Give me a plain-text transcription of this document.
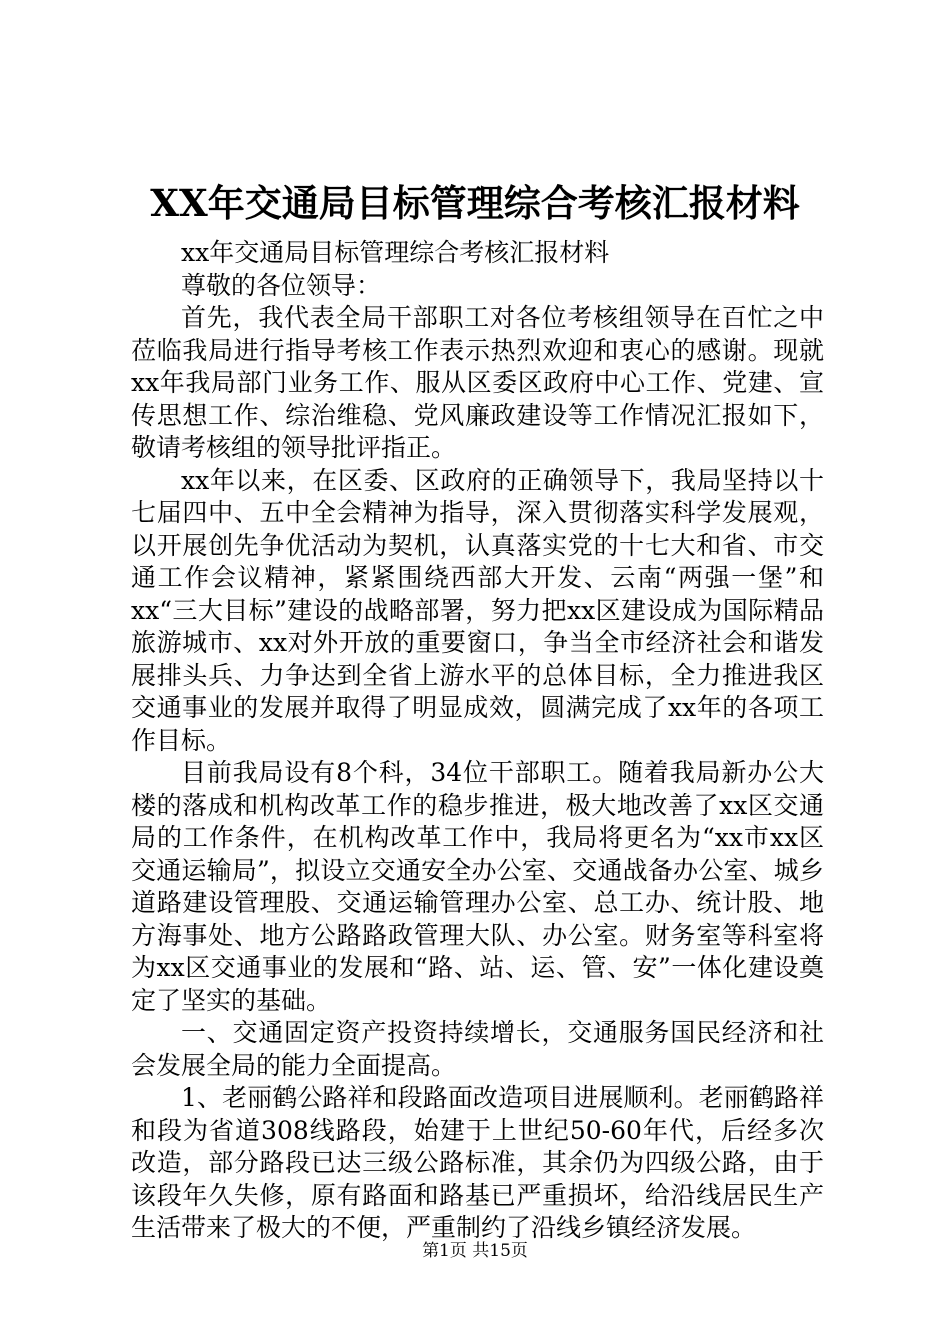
XX年交通局目标管理综合考核汇报材料

xx年交通局目标管理综合考核汇报材料

尊敬的各位领导：

首先，我代表全局干部职工对各位考核组领导在百忙之中莅临我局进行指导考核工作表示热烈欢迎和衷心的感谢。现就xx年我局部门业务工作、服从区委区政府中心工作、党建、宣传思想工作、综治维稳、党风廉政建设等工作情况汇报如下，敬请考核组的领导批评指正。

xx年以来，在区委、区政府的正确领导下，我局坚持以十七届四中、五中全会精神为指导，深入贯彻落实科学发展观，以开展创先争优活动为契机，认真落实党的十七大和省、市交通工作会议精神，紧紧围绕西部大开发、云南“两强一堡”和xx“三大目标”建设的战略部署，努力把xx区建设成为国际精品旅游城市、xx对外开放的重要窗口，争当全市经济社会和谐发展排头兵、力争达到全省上游水平的总体目标，全力推进我区交通事业的发展并取得了明显成效，圆满完成了xx年的各项工作目标。

目前我局设有8个科，34位干部职工。随着我局新办公大楼的落成和机构改革工作的稳步推进，极大地改善了xx区交通局的工作条件，在机构改革工作中，我局将更名为“xx市xx区交通运输局”，拟设立交通安全办公室、交通战备办公室、城乡道路建设管理股、交通运输管理办公室、总工办、统计股、地方海事处、地方公路路政管理大队、办公室。财务室等科室将为xx区交通事业的发展和“路、站、运、管、安”一体化建设奠定了坚实的基础。

一、交通固定资产投资持续增长，交通服务国民经济和社会发展全局的能力全面提高。

1、老丽鹤公路祥和段路面改造项目进展顺利。老丽鹤路祥和段为省道308线路段，始建于上世纪50-60年代，后经多次改造，部分路段已达三级公路标准，其余仍为四级公路，由于该段年久失修，原有路面和路基已严重损坏，给沿线居民生产生活带来了极大的不便，严重制约了沿线乡镇经济发展。

第1页 共15页
